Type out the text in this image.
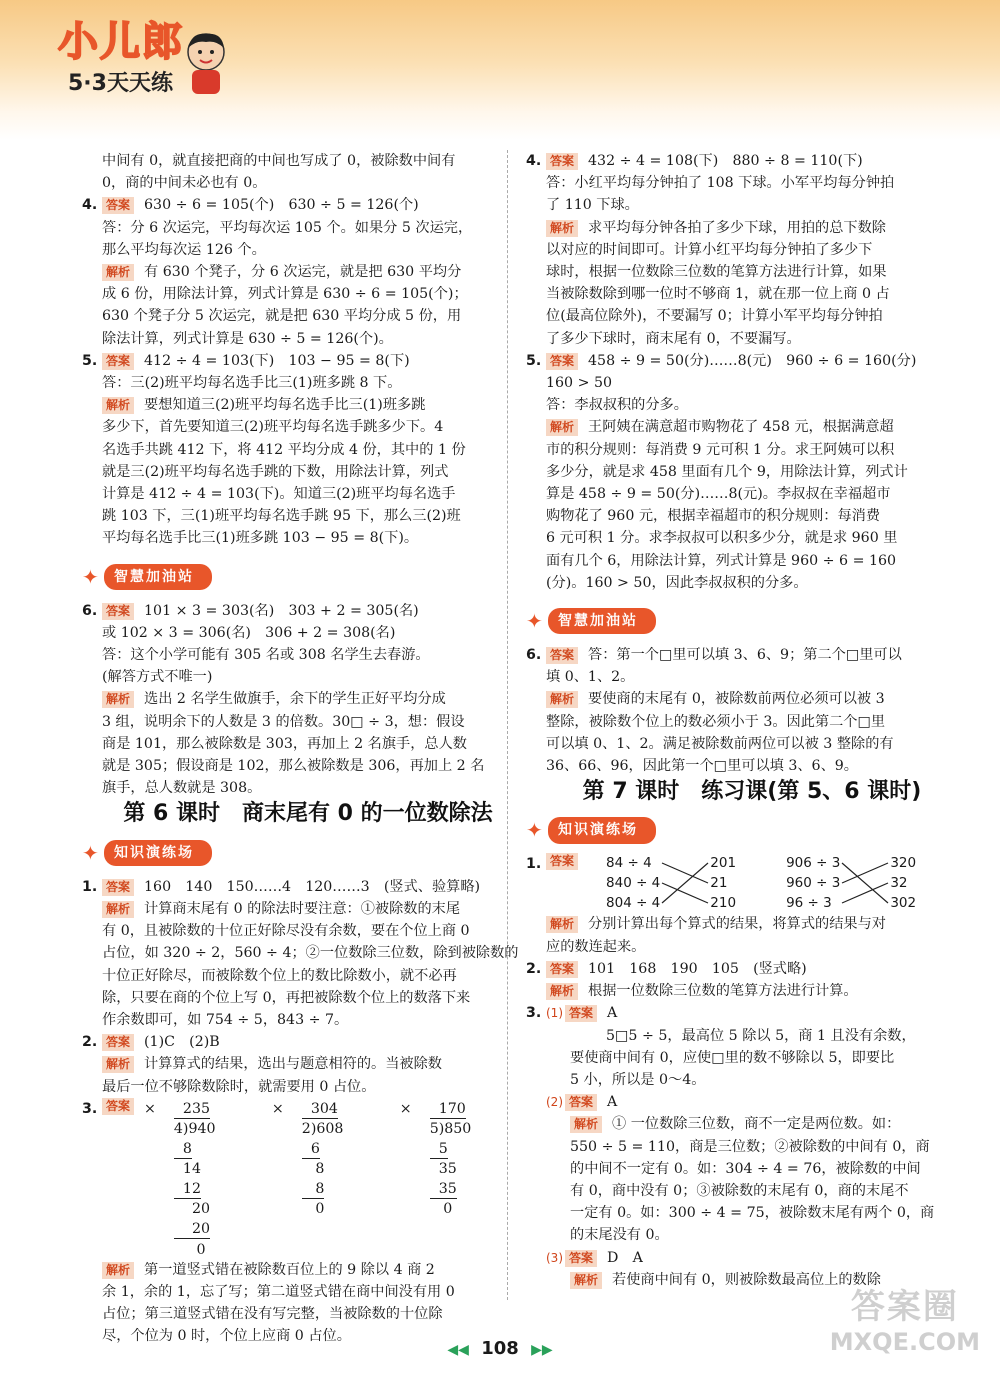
小儿郎
5·3天天练
中间有 0，就直接把商的中间也写成了 0，被除数中间有
0，商的中间未必也有 0。
4. 答案 630 ÷ 6 = 105(个)　630 ÷ 5 = 126(个)
答：分 6 次运完，平均每次运 105 个。如果分 5 次运完，
那么平均每次运 126 个。
解析 有 630 个凳子，分 6 次运完，就是把 630 平均分
成 6 份，用除法计算，列式计算是 630 ÷ 6 = 105(个)；
630 个凳子分 5 次运完，就是把 630 平均分成 5 份，用
除法计算，列式计算是 630 ÷ 5 = 126(个)。
5. 答案 412 ÷ 4 = 103(下)　103 − 95 = 8(下)
答：三(2)班平均每名选手比三(1)班多跳 8 下。
解析 要想知道三(2)班平均每名选手比三(1)班多跳
多少下，首先要知道三(2)班平均每名选手跳多少下。4
名选手共跳 412 下，将 412 平均分成 4 份，其中的 1 份
就是三(2)班平均每名选手跳的下数，用除法计算，列式
计算是 412 ÷ 4 = 103(下)。知道三(2)班平均每名选手
跳 103 下，三(1)班平均每名选手跳 95 下，那么三(2)班
平均每名选手比三(1)班多跳 103 − 95 = 8(下)。
✦	智慧加油站
6. 答案 101 × 3 = 303(名)　303 + 2 = 305(名)
或 102 × 3 = 306(名)　306 + 2 = 308(名)
答：这个小学可能有 305 名或 308 名学生去春游。
(解答方式不唯一)
解析 选出 2 名学生做旗手，余下的学生正好平均分成
3 组，说明余下的人数是 3 的倍数。30□ ÷ 3，想：假设
商是 101，那么被除数是 303，再加上 2 名旗手，总人数
就是 305；假设商是 102，那么被除数是 306，再加上 2 名
旗手，总人数就是 308。
第 6 课时　商末尾有 0 的一位数除法
✦	知识演练场
1. 答案 160　140　150……4　120……3　(竖式、验算略)
解析 计算商末尾有 0 的除法时要注意：①被除数的末尾
有 0，且被除数的十位正好除尽没有余数，要在个位上商 0
占位，如 320 ÷ 2，560 ÷ 4；②一位数除三位数，除到被除数的
十位正好除尽，而被除数个位上的数比除数小，就不必再
除，只要在商的个位上写 0，再把被除数个位上的数落下来
作余数即可，如 754 ÷ 5，843 ÷ 7。
2. 答案 (1)C　(2)B
解析 计算算式的结果，选出与题意相符的。当被除数
最后一位不够除数除时，就需要用 0 占位。
3. 答案 × 235
4)940
8
14
12
20
20
0
× 304
2)608
6
8
8
0
× 170
5)850
5
35
35
0
解析 第一道竖式错在被除数百位上的 9 除以 4 商 2
余 1，余的 1，忘了写；第二道竖式错在商中间没有用 0
占位；第三道竖式错在没有写完整，当被除数的十位除
尽，个位为 0 时，个位上应商 0 占位。
4. 答案 432 ÷ 4 = 108(下)　880 ÷ 8 = 110(下)
答：小红平均每分钟拍了 108 下球。小军平均每分钟拍
了 110 下球。
解析 求平均每分钟各拍了多少下球，用拍的总下数除
以对应的时间即可。计算小红平均每分钟拍了多少下
球时，根据一位数除三位数的笔算方法进行计算，如果
当被除数除到哪一位时不够商 1，就在那一位上商 0 占
位(最高位除外)，不要漏写 0；计算小军平均每分钟拍
了多少下球时，商末尾有 0，不要漏写。
5. 答案 458 ÷ 9 = 50(分)……8(元)　960 ÷ 6 = 160(分)
160 > 50
答：李叔叔积的分多。
解析 王阿姨在满意超市购物花了 458 元，根据满意超
市的积分规则：每消费 9 元可积 1 分。求王阿姨可以积
多少分，就是求 458 里面有几个 9，用除法计算，列式计
算是 458 ÷ 9 = 50(分)……8(元)。李叔叔在幸福超市
购物花了 960 元，根据幸福超市的积分规则：每消费
6 元可积 1 分。求李叔叔可以积多少分，就是求 960 里
面有几个 6，用除法计算，列式计算是 960 ÷ 6 = 160
(分)。160 > 50，因此李叔叔积的分多。
✦	智慧加油站
6. 答案 答：第一个□里可以填 3、6、9；第二个□里可以
填 0、1、2。
解析 要使商的末尾有 0，被除数前两位必须可以被 3
整除，被除数个位上的数必须小于 3。因此第二个□里
可以填 0、1、2。满足被除数前两位可以被 3 整除的有
36、66、96，因此第一个□里可以填 3、6、9。
第 7 课时　练习课(第 5、6 课时)
✦	知识演练场
1. 答案 84 ÷ 4
840 ÷ 4
804 ÷ 4
201
21
210
906 ÷ 3
960 ÷ 3
96 ÷ 3
320
32
302
解析 分别计算出每个算式的结果，将算式的结果与对
应的数连起来。
2. 答案 101　168　190　105　(竖式略)
解析 根据一位数除三位数的笔算方法进行计算。
3. (1) 答案 A
5□5 ÷ 5，最高位 5 除以 5，商 1 且没有余数，
要使商中间有 0，应使□里的数不够除以 5，即要比
5 小，所以是 0～4。
(2) 答案 A
解析 ① 一位数除三位数，商不一定是两位数。如：
550 ÷ 5 = 110，商是三位数；②被除数的中间有 0，商
的中间不一定有 0。如：304 ÷ 4 = 76，被除数的中间
有 0，商中没有 0；③被除数的末尾有 0，商的末尾不
一定有 0。如：300 ÷ 4 = 75，被除数末尾有两个 0，商
的末尾没有 0。
(3) 答案 D　A
解析 若使商中间有 0，则被除数最高位上的数除
◀◀ 108 ▶▶
答案圈
MXQE.COM
